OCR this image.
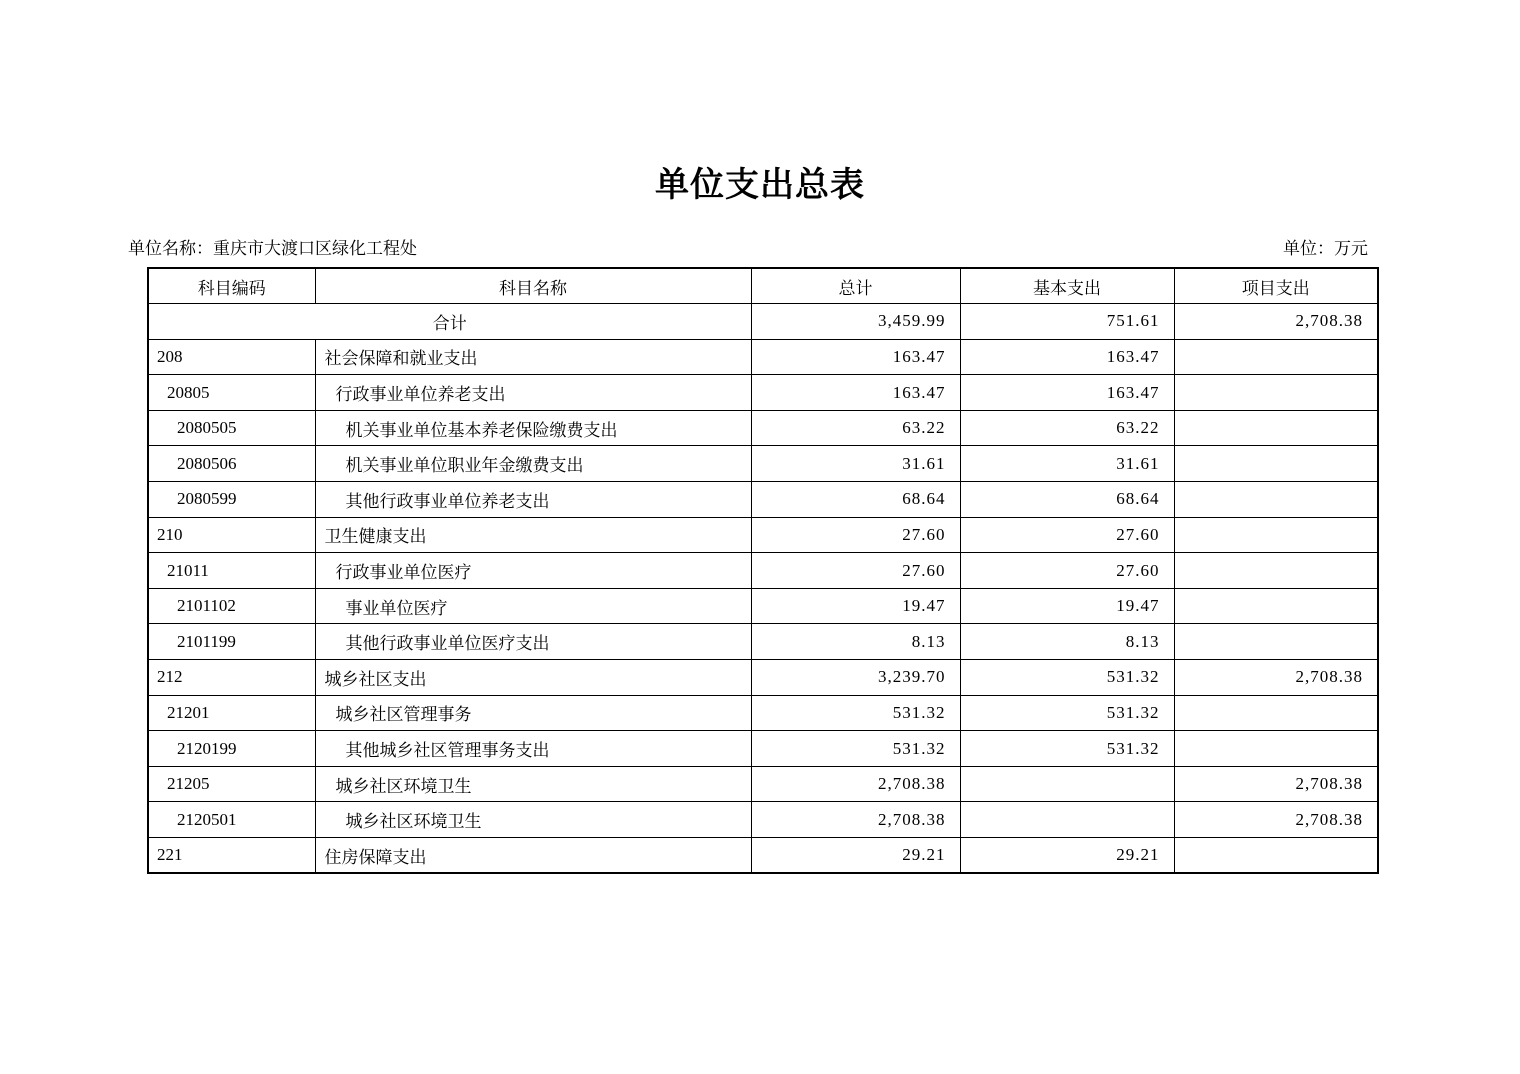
单位支出总表
单位名称：重庆市大渡口区绿化工程处	单位：万元
科目编码	科目名称	总计	基本支出	项目支出
合计		3,459.99	751.61	2,708.38
208	社会保障和就业支出	163.47	163.47	
20805	行政事业单位养老支出	163.47	163.47	
2080505	机关事业单位基本养老保险缴费支出	63.22	63.22	
2080506	机关事业单位职业年金缴费支出	31.61	31.61	
2080599	其他行政事业单位养老支出	68.64	68.64	
210	卫生健康支出	27.60	27.60	
21011	行政事业单位医疗	27.60	27.60	
2101102	事业单位医疗	19.47	19.47	
2101199	其他行政事业单位医疗支出	8.13	8.13	
212	城乡社区支出	3,239.70	531.32	2,708.38
21201	城乡社区管理事务	531.32	531.32	
2120199	其他城乡社区管理事务支出	531.32	531.32	
21205	城乡社区环境卫生	2,708.38		2,708.38
2120501	城乡社区环境卫生	2,708.38		2,708.38
221	住房保障支出	29.21	29.21	
